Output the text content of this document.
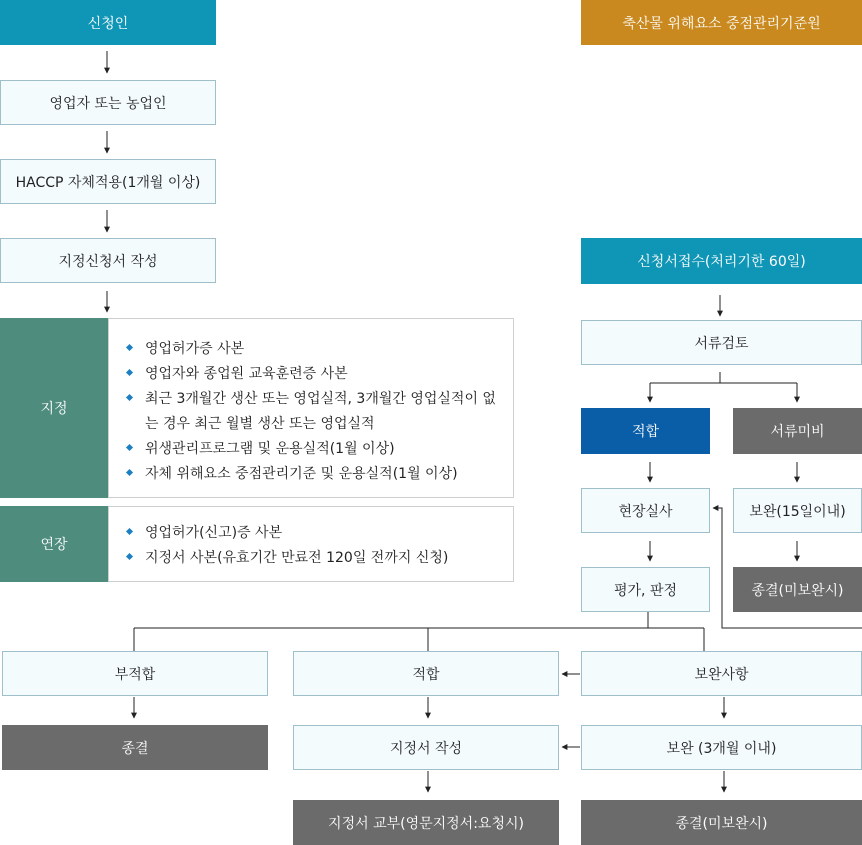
신청인
영업자 또는 농업인
HACCP 자체적용(1개월 이상)
지정신청서 작성
지정
영업허가증 사본
영업자와 종업원 교육훈련증 사본
최근 3개월간 생산 또는 영업실적, 3개월간 영업실적이 없는 경우 최근 월별 생산 또는 영업실적
위생관리프로그램 및 운용실적(1월 이상)
자체 위해요소 중점관리기준 및 운용실적(1월 이상)
연장
영업허가(신고)증 사본
지정서 사본(유효기간 만료전 120일 전까지 신청)
축산물 위해요소 중점관리기준원
신청서접수(처리기한 60일)
서류검토
적합	서류미비
현장실사	보완(15일이내)
평가, 판정	종결(미보완시)
부적합
종결
적합
지정서 작성
지정서 교부(영문지정서:요청시)
보완사항
보완 (3개월 이내)
종결(미보완시)
